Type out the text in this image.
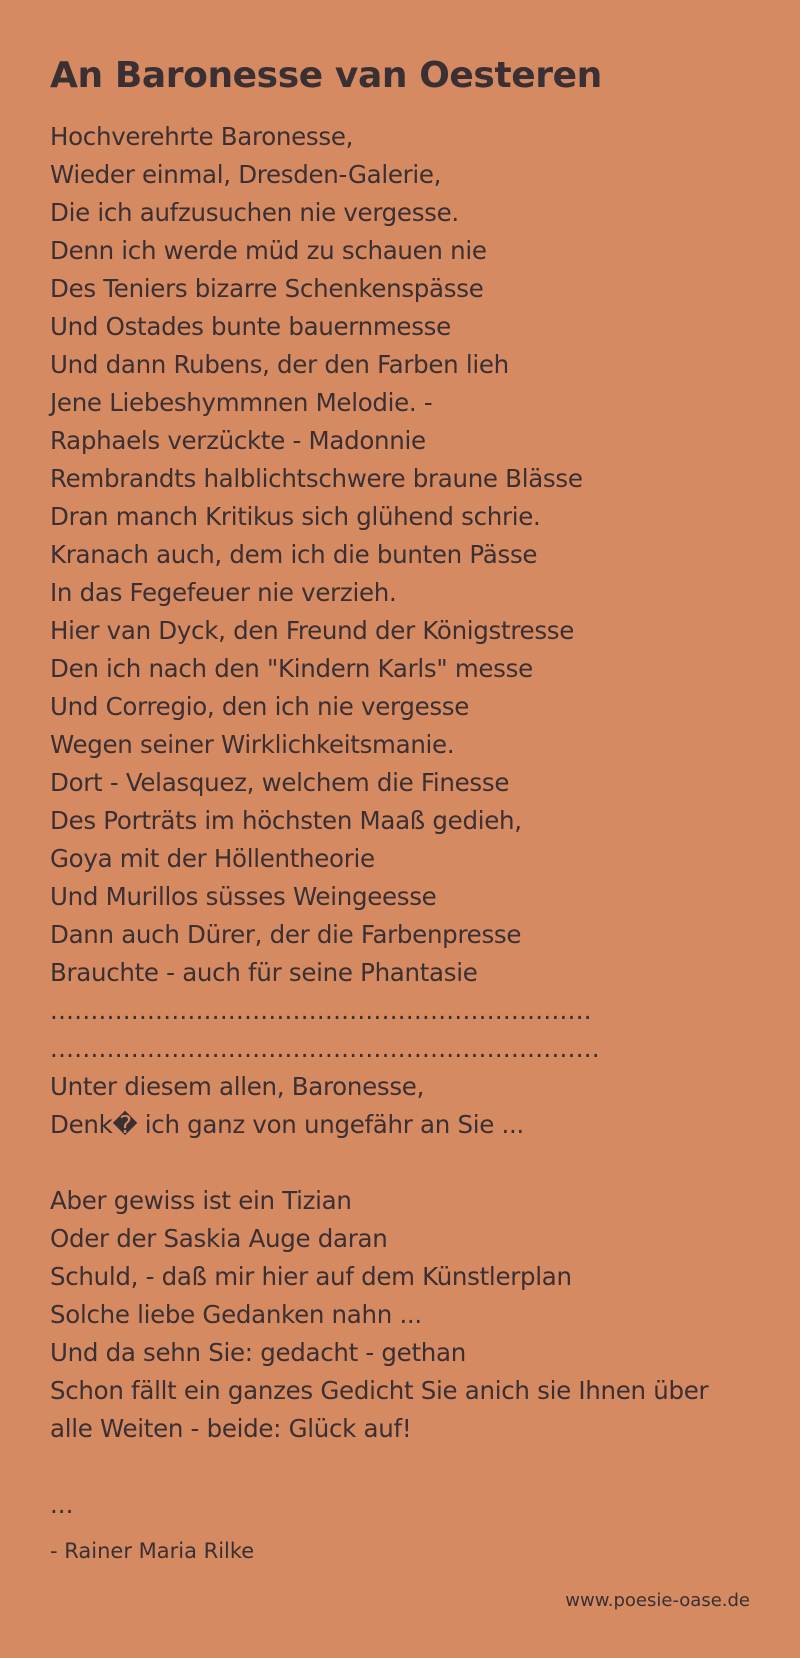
An Baronesse van Oesteren
Hochverehrte Baronesse,
Wieder einmal, Dresden-Galerie,
Die ich aufzusuchen nie vergesse.
Denn ich werde müd zu schauen nie
Des Teniers bizarre Schenkenspässe
Und Ostades bunte bauernmesse
Und dann Rubens, der den Farben lieh
Jene Liebeshymmnen Melodie. -
Raphaels verzückte - Madonnie
Rembrandts halblichtschwere braune Blässe
Dran manch Kritikus sich glühend schrie.
Kranach auch, dem ich die bunten Pässe
In das Fegefeuer nie verzieh.
Hier van Dyck, den Freund der Königstresse
Den ich nach den "Kindern Karls" messe
Und Corregio, den ich nie vergesse
Wegen seiner Wirklichkeitsmanie.
Dort - Velasquez, welchem die Finesse
Des Porträts im höchsten Maaß gedieh,
Goya mit der Höllentheorie
Und Murillos süsses Weingeesse
Dann auch Dürer, der die Farbenpresse
Brauchte - auch für seine Phantasie
...................................................................
....................................................................
Unter diesem allen, Baronesse,
Denk� ich ganz von ungefähr an Sie ...
Aber gewiss ist ein Tizian
Oder der Saskia Auge daran
Schuld, - daß mir hier auf dem Künstlerplan
Solche liebe Gedanken nahn ...
Und da sehn Sie: gedacht - gethan
Schon fällt ein ganzes Gedicht Sie anich sie Ihnen über
alle Weiten - beide: Glück auf!
...
- Rainer Maria Rilke
www.poesie-oase.de
